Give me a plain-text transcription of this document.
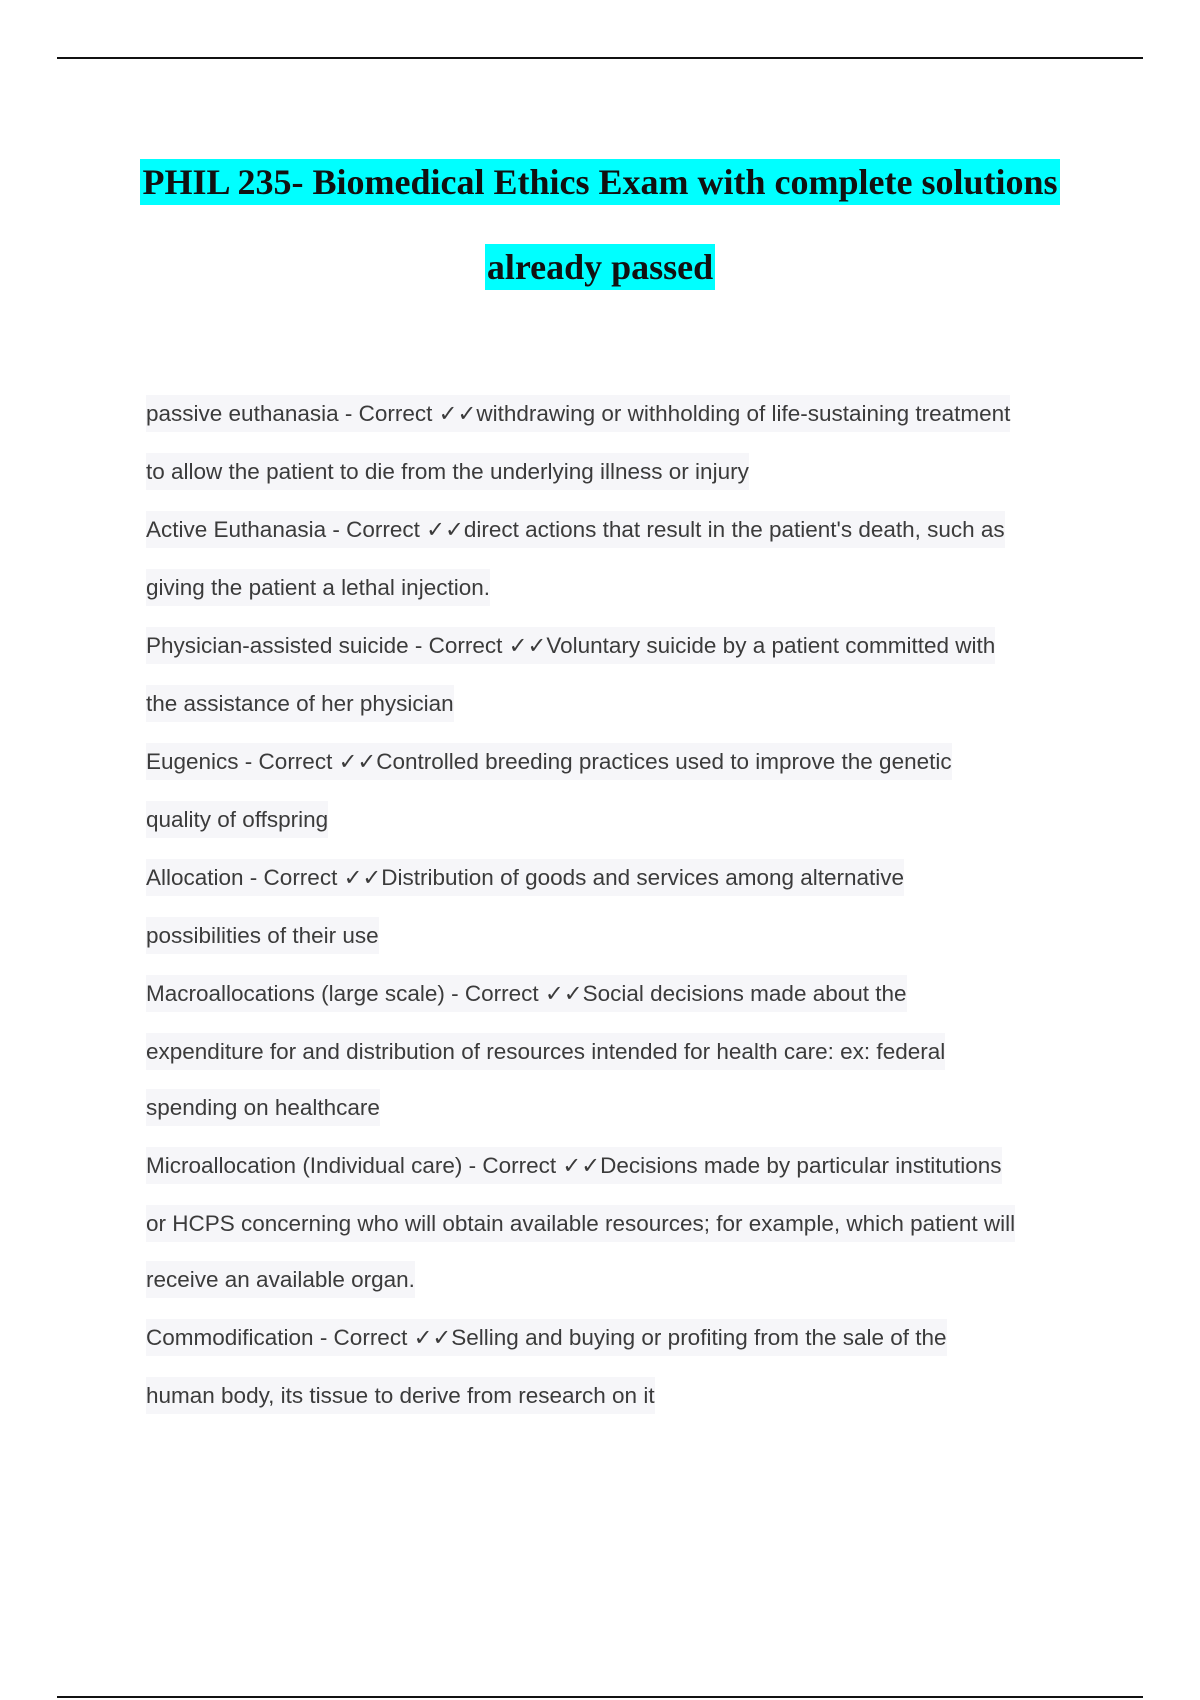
PHIL 235- Biomedical Ethics Exam with complete solutions
already passed
passive euthanasia - Correct ✓✓withdrawing or withholding of life-sustaining treatment
to allow the patient to die from the underlying illness or injury
Active Euthanasia - Correct ✓✓direct actions that result in the patient's death, such as
giving the patient a lethal injection.
Physician-assisted suicide - Correct ✓✓Voluntary suicide by a patient committed with
the assistance of her physician
Eugenics - Correct ✓✓Controlled breeding practices used to improve the genetic
quality of offspring
Allocation - Correct ✓✓Distribution of goods and services among alternative
possibilities of their use
Macroallocations (large scale) - Correct ✓✓Social decisions made about the
expenditure for and distribution of resources intended for health care: ex: federal
spending on healthcare
Microallocation (Individual care) - Correct ✓✓Decisions made by particular institutions
or HCPS concerning who will obtain available resources; for example, which patient will
receive an available organ.
Commodification - Correct ✓✓Selling and buying or profiting from the sale of the
human body, its tissue to derive from research on it
